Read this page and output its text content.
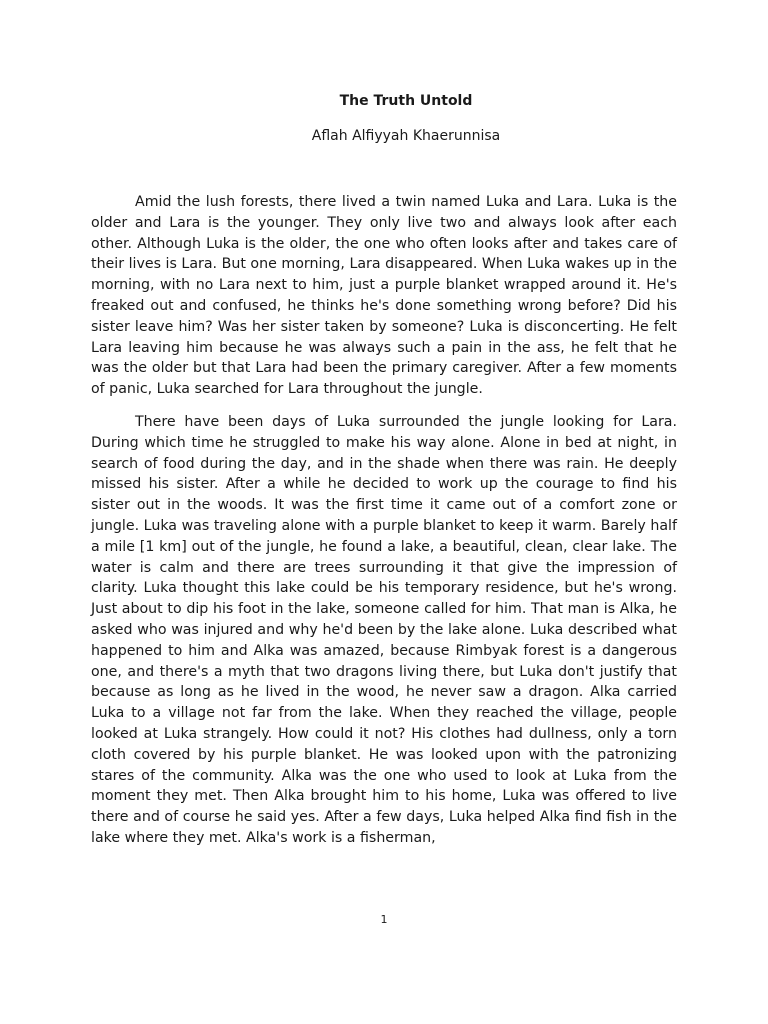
The Truth Untold

Aflah Alfiyyah Khaerunnisa

Amid the lush forests, there lived a twin named Luka and Lara. Luka is the older and Lara is the younger. They only live two and always look after each other. Although Luka is the older, the one who often looks after and takes care of their lives is Lara. But one morning, Lara disappeared. When Luka wakes up in the morning, with no Lara next to him, just a purple blanket wrapped around it. He's freaked out and confused, he thinks he's done something wrong before? Did his sister leave him? Was her sister taken by someone? Luka is disconcerting. He felt Lara leaving him because he was always such a pain in the ass, he felt that he was the older but that Lara had been the primary caregiver. After a few moments of panic, Luka searched for Lara throughout the jungle.

There have been days of Luka surrounded the jungle looking for Lara. During which time he struggled to make his way alone. Alone in bed at night, in search of food during the day, and in the shade when there was rain. He deeply missed his sister. After a while he decided to work up the courage to find his sister out in the woods. It was the first time it came out of a comfort zone or jungle. Luka was traveling alone with a purple blanket to keep it warm. Barely half a mile [1 km] out of the jungle, he found a lake, a beautiful, clean, clear lake. The water is calm and there are trees surrounding it that give the impression of clarity. Luka thought this lake could be his temporary residence, but he's wrong. Just about to dip his foot in the lake, someone called for him. That man is Alka, he asked who was injured and why he'd been by the lake alone. Luka described what happened to him and Alka was amazed, because Rimbyak forest is a dangerous one, and there's a myth that two dragons living there, but Luka don't justify that because as long as he lived in the wood, he never saw a dragon. Alka carried Luka to a village not far from the lake. When they reached the village, people looked at Luka strangely. How could it not? His clothes had dullness, only a torn cloth covered by his purple blanket. He was looked upon with the patronizing stares of the community. Alka was the one who used to look at Luka from the moment they met. Then Alka brought him to his home, Luka was offered to live there and of course he said yes. After a few days, Luka helped Alka find fish in the lake where they met. Alka's work is a fisherman,

1
